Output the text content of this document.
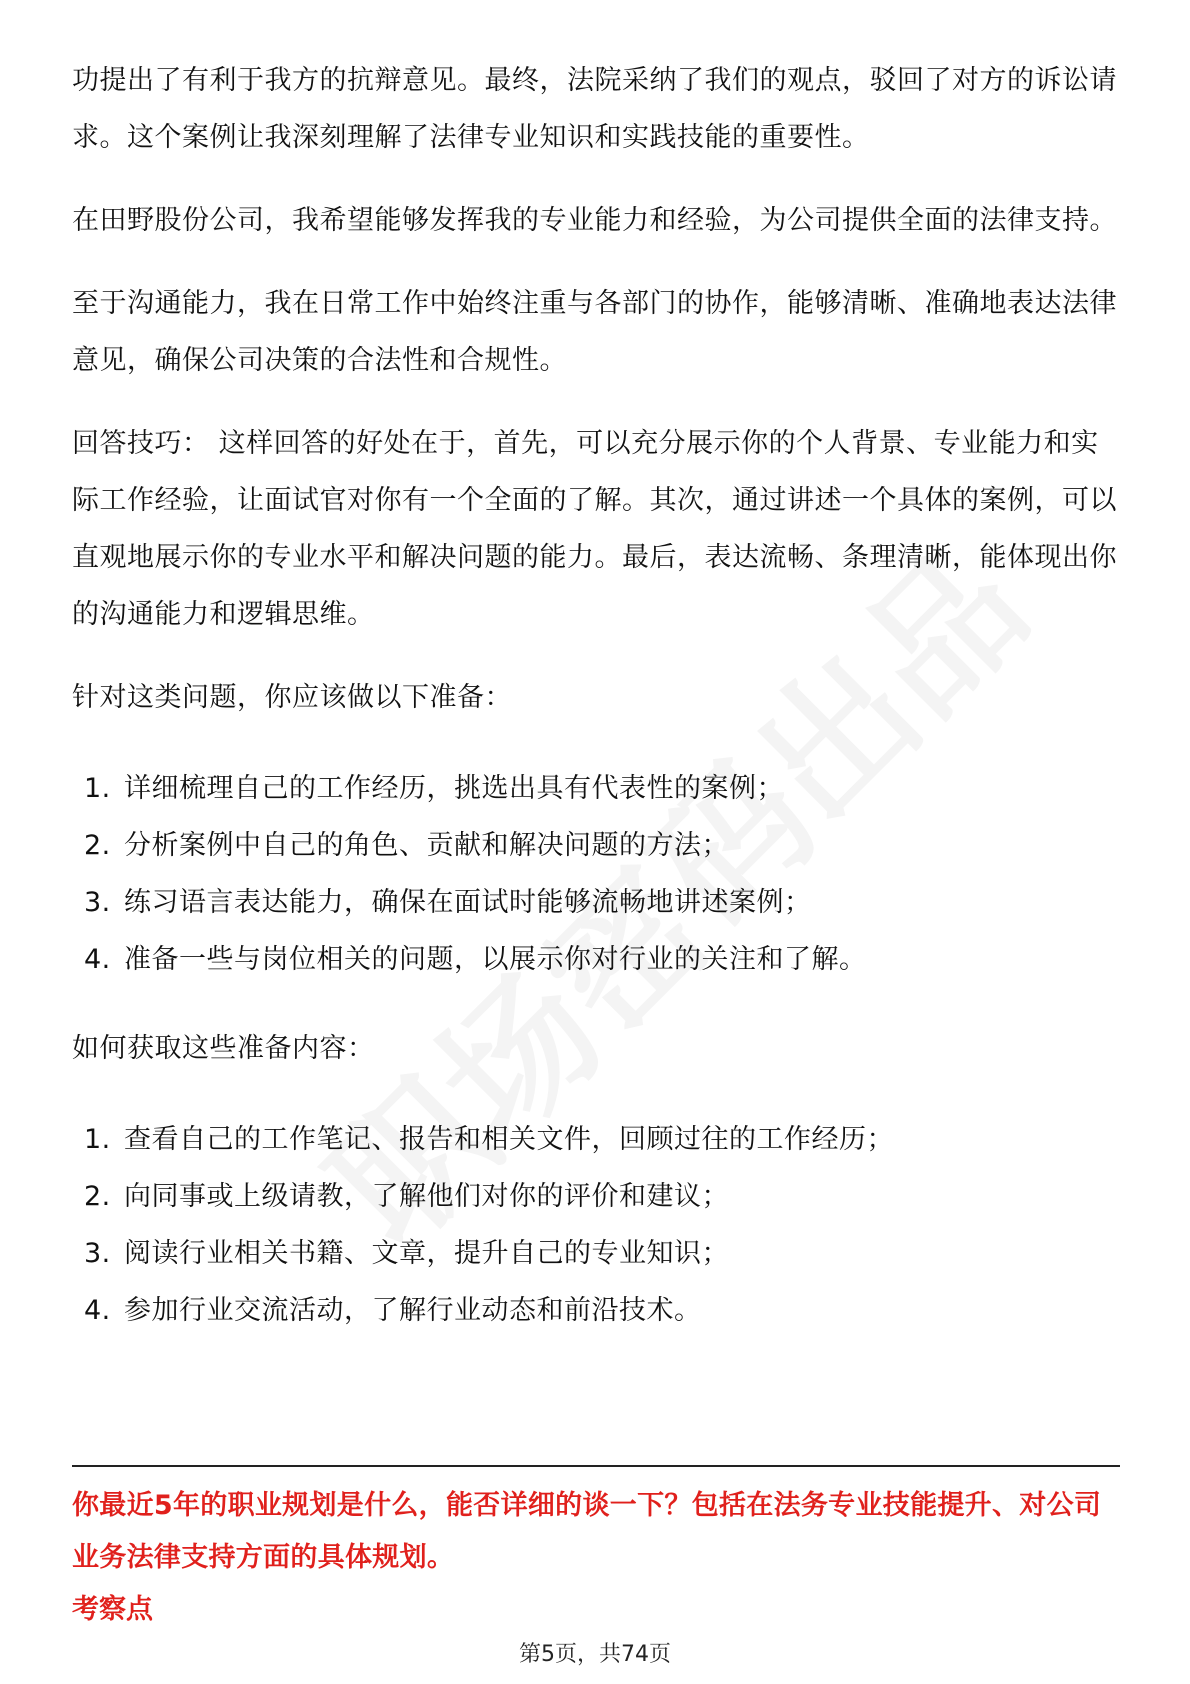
功提出了有利于我方的抗辩意见。最终，法院采纳了我们的观点，驳回了对方的诉讼请求。这个案例让我深刻理解了法律专业知识和实践技能的重要性。

在田野股份公司，我希望能够发挥我的专业能力和经验，为公司提供全面的法律支持。

至于沟通能力，我在日常工作中始终注重与各部门的协作，能够清晰、准确地表达法律意见，确保公司决策的合法性和合规性。

回答技巧： 这样回答的好处在于，首先，可以充分展示你的个人背景、专业能力和实际工作经验，让面试官对你有一个全面的了解。其次，通过讲述一个具体的案例，可以直观地展示你的专业水平和解决问题的能力。最后，表达流畅、条理清晰，能体现出你的沟通能力和逻辑思维。

针对这类问题，你应该做以下准备：

1. 详细梳理自己的工作经历，挑选出具有代表性的案例；
2. 分析案例中自己的角色、贡献和解决问题的方法；
3. 练习语言表达能力，确保在面试时能够流畅地讲述案例；
4. 准备一些与岗位相关的问题，以展示你对行业的关注和了解。

如何获取这些准备内容：

1. 查看自己的工作笔记、报告和相关文件，回顾过往的工作经历；
2. 向同事或上级请教，了解他们对你的评价和建议；
3. 阅读行业相关书籍、文章，提升自己的专业知识；
4. 参加行业交流活动，了解行业动态和前沿技术。
你最近5年的职业规划是什么，能否详细的谈一下？包括在法务专业技能提升、对公司业务法律支持方面的具体规划。
考察点
第5页，共74页
